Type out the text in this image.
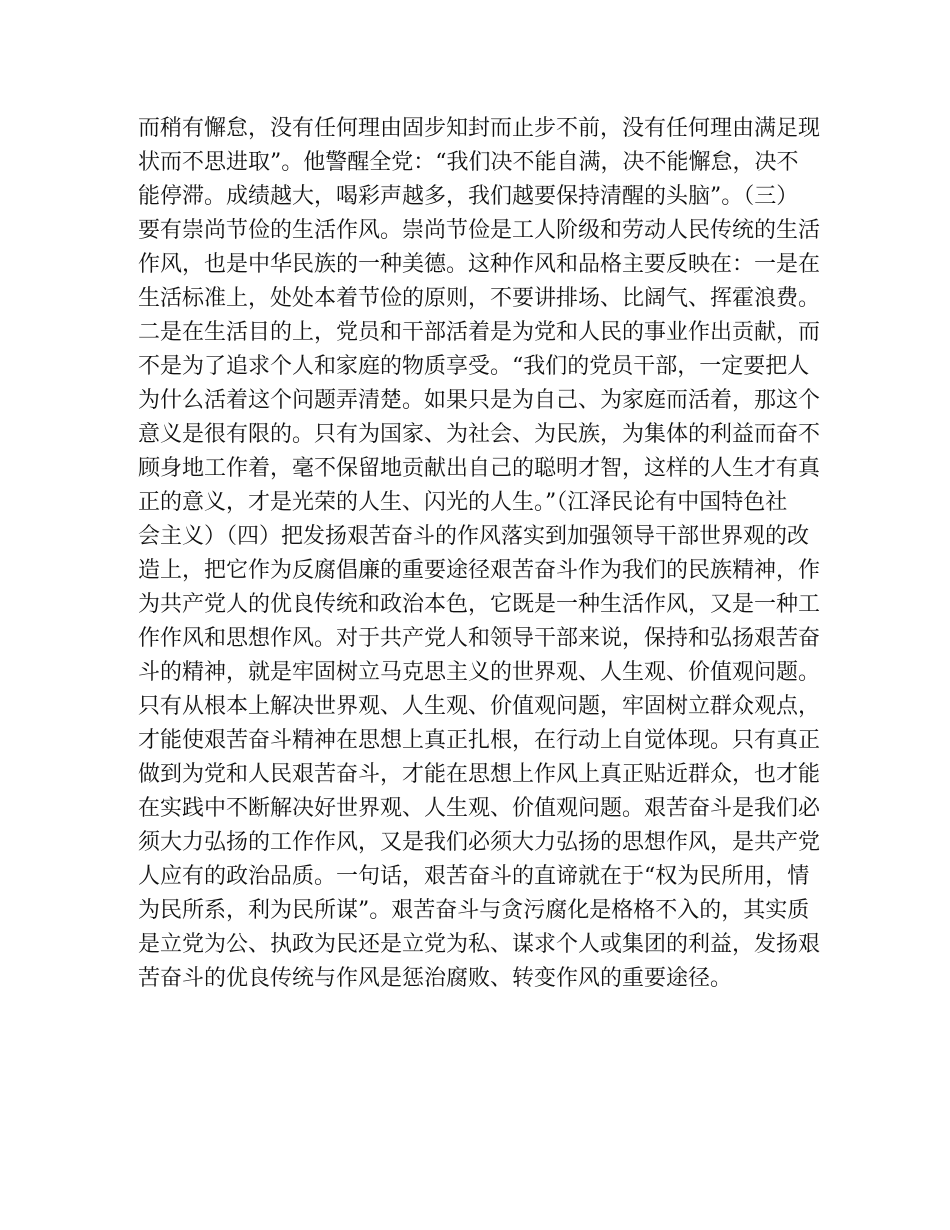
而稍有懈怠，没有任何理由固步知封而止步不前，没有任何理由满足现

状而不思进取”。他警醒全党：“我们决不能自满，决不能懈怠，决不

能停滞。成绩越大，喝彩声越多，我们越要保持清醒的头脑”。（三）

要有崇尚节俭的生活作风。崇尚节俭是工人阶级和劳动人民传统的生活

作风，也是中华民族的一种美德。这种作风和品格主要反映在：一是在

生活标准上，处处本着节俭的原则，不要讲排场、比阔气、挥霍浪费。

二是在生活目的上，党员和干部活着是为党和人民的事业作出贡献，而

不是为了追求个人和家庭的物质享受。“我们的党员干部，一定要把人

为什么活着这个问题弄清楚。如果只是为自己、为家庭而活着，那这个

意义是很有限的。只有为国家、为社会、为民族，为集体的利益而奋不

顾身地工作着，毫不保留地贡献出自己的聪明才智，这样的人生才有真

正的意义，才是光荣的人生、闪光的人生。”（江泽民论有中国特色社

会主义）（四）把发扬艰苦奋斗的作风落实到加强领导干部世界观的改

造上，把它作为反腐倡廉的重要途径艰苦奋斗作为我们的民族精神，作

为共产党人的优良传统和政治本色，它既是一种生活作风，又是一种工

作作风和思想作风。对于共产党人和领导干部来说，保持和弘扬艰苦奋

斗的精神，就是牢固树立马克思主义的世界观、人生观、价值观问题。

只有从根本上解决世界观、人生观、价值观问题，牢固树立群众观点，

才能使艰苦奋斗精神在思想上真正扎根，在行动上自觉体现。只有真正

做到为党和人民艰苦奋斗，才能在思想上作风上真正贴近群众，也才能

在实践中不断解决好世界观、人生观、价值观问题。艰苦奋斗是我们必

须大力弘扬的工作作风，又是我们必须大力弘扬的思想作风，是共产党

人应有的政治品质。一句话，艰苦奋斗的直谛就在于“权为民所用，情

为民所系，利为民所谋”。艰苦奋斗与贪污腐化是格格不入的，其实质

是立党为公、执政为民还是立党为私、谋求个人或集团的利益，发扬艰

苦奋斗的优良传统与作风是惩治腐败、转变作风的重要途径。
